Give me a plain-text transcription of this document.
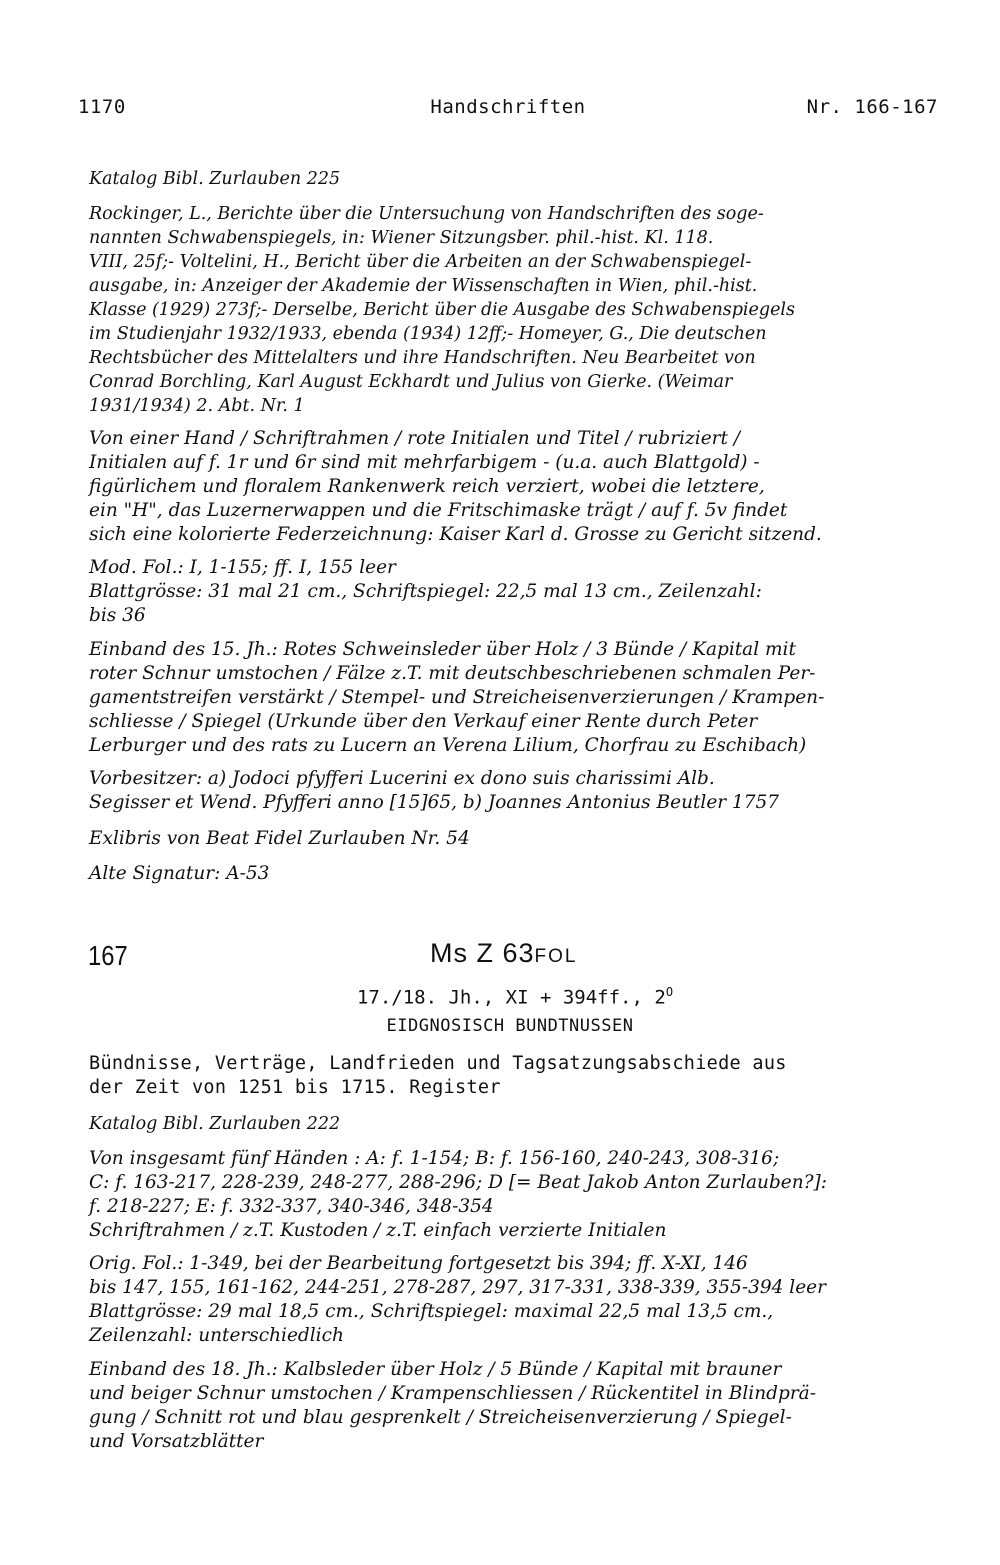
1170	Handschriften	Nr. 166-167

Katalog Bibl. Zurlauben 225

Rockinger, L., Berichte über die Untersuchung von Handschriften des soge-

nannten Schwabenspiegels, in: Wiener Sitzungsber. phil.-hist. Kl. 118.

VIII, 25f;- Voltelini, H., Bericht über die Arbeiten an der Schwabenspiegel-

ausgabe, in: Anzeiger der Akademie der Wissenschaften in Wien, phil.-hist.

Klasse (1929) 273f;- Derselbe, Bericht über die Ausgabe des Schwabenspiegels

im Studienjahr 1932/1933, ebenda (1934) 12ff;- Homeyer, G., Die deutschen

Rechtsbücher des Mittelalters und ihre Handschriften. Neu Bearbeitet von

Conrad Borchling, Karl August Eckhardt und Julius von Gierke. (Weimar

1931/1934) 2. Abt. Nr. 1

Von einer Hand / Schriftrahmen / rote Initialen und Titel / rubriziert /

Initialen auf f. 1r und 6r sind mit mehrfarbigem - (u.a. auch Blattgold) -

figürlichem und floralem Rankenwerk reich verziert, wobei die letztere,

ein "H", das Luzernerwappen und die Fritschimaske trägt / auf f. 5v findet

sich eine kolorierte Federzeichnung: Kaiser Karl d. Grosse zu Gericht sitzend.

Mod. Fol.: I, 1-155; ff. I, 155 leer

Blattgrösse: 31 mal 21 cm., Schriftspiegel: 22,5 mal 13 cm., Zeilenzahl:

bis 36

Einband des 15. Jh.: Rotes Schweinsleder über Holz / 3 Bünde / Kapital mit

roter Schnur umstochen / Fälze z.T. mit deutschbeschriebenen schmalen Per-

gamentstreifen verstärkt / Stempel- und Streicheisenverzierungen / Krampen-

schliesse / Spiegel (Urkunde über den Verkauf einer Rente durch Peter

Lerburger und des rats zu Lucern an Verena Lilium, Chorfrau zu Eschibach)

Vorbesitzer: a) Jodoci pfyfferi Lucerini ex dono suis charissimi Alb.

Segisser et Wend. Pfyfferi anno [15]65, b) Joannes Antonius Beutler 1757

Exlibris von Beat Fidel Zurlauben Nr. 54

Alte Signatur: A-53

167	Ms Z 63FOL
17./18. Jh., XI + 394ff., $2^O$
EIDGNOSISCH BUNDTNUSSEN

Bündnisse, Verträge, Landfrieden und Tagsatzungsabschiede aus

der Zeit von 1251 bis 1715. Register

Katalog Bibl. Zurlauben 222

Von insgesamt fünf Händen : A: f. 1-154; B: f. 156-160, 240-243, 308-316;

C: f. 163-217, 228-239, 248-277, 288-296; D [= Beat Jakob Anton Zurlauben?]:

f. 218-227; E: f. 332-337, 340-346, 348-354

Schriftrahmen / z.T. Kustoden / z.T. einfach verzierte Initialen

Orig. Fol.: 1-349, bei der Bearbeitung fortgesetzt bis 394; ff. X-XI, 146

bis 147, 155, 161-162, 244-251, 278-287, 297, 317-331, 338-339, 355-394 leer

Blattgrösse: 29 mal 18,5 cm., Schriftspiegel: maximal 22,5 mal 13,5 cm.,

Zeilenzahl: unterschiedlich

Einband des 18. Jh.: Kalbsleder über Holz / 5 Bünde / Kapital mit brauner

und beiger Schnur umstochen / Krampenschliessen / Rückentitel in Blindprä-

gung / Schnitt rot und blau gesprenkelt / Streicheisenverzierung / Spiegel-

und Vorsatzblätter
